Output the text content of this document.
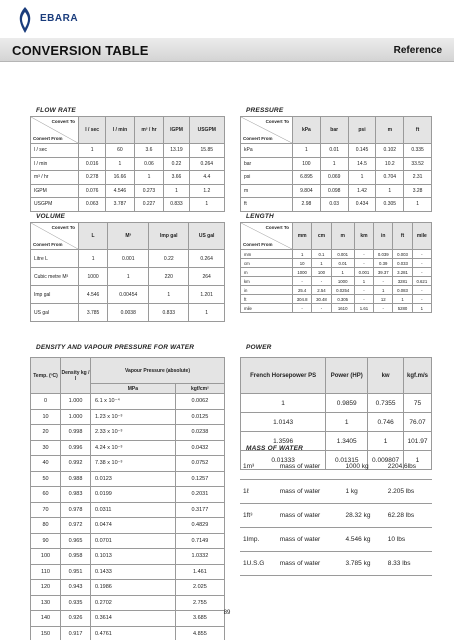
EBARA
CONVERSION TABLE	Reference
FLOW RATE
Convert To
Convert From	l / sec	l / min	m³ / hr	IGPM	USGPM
l / sec	1	60	3.6	13.19	15.85
l / min	0.016	1	0.06	0.22	0.264
m³ / hr	0.278	16.66	1	3.66	4.4
IGPM	0.076	4.546	0.273	1	1.2
USGPM	0.063	3.787	0.227	0.833	1
PRESSURE
Convert To
Convert From	kPa	bar	psi	m	ft
kPa	1	0.01	0.145	0.102	0.335
bar	100	1	14.5	10.2	33.52
psi	6.895	0.069	1	0.704	2.31
m	9.804	0.098	1.42	1	3.28
ft	2.98	0.03	0.434	0.305	1
VOLUME
Convert To
Convert From	L	M³	Imp gal	US gal
Litre L	1	0.001	0.22	0.264
Cubic metre M³	1000	1	220	264
Imp gal	4.546	0.00454	1	1.201
US gal	3.785	0.0038	0.833	1
LENGTH
Convert To
Convert From	mm	cm	m	km	in	ft	mile
mm	1	0.1	0.001	-	0.039	0.003	-
cm	10	1	0.01	-	0.39	0.033	-
m	1000	100	1	0.001	39.37	3.281	-
km	-	-	1000	1	-	3281	0.621
in	25.4	2.54	0.0254	-	1	0.083	-
ft	304.8	30.48	0.305	-	12	1	-
mile	-	-	1610	1.61	-	5280	1
DENSITY AND VAPOUR PRESSURE FOR WATER
Temp. (ºC)	Density kg / l	Vapour Pressure (absolute)	
		MPa	kgf/cm²
0	1.000	6.1 x 10⁻⁴	0.0062
10	1.000	1.23 x 10⁻³	0.0125
20	0.998	2.33 x 10⁻³	0.0238
30	0.996	4.24 x 10⁻³	0.0432
40	0.992	7.38 x 10⁻³	0.0752
50	0.988	0.0123	0.1257
60	0.983	0.0199	0.2031
70	0.978	0.0311	0.3177
80	0.972	0.0474	0.4829
90	0.965	0.0701	0.7149
100	0.958	0.1013	1.0332
110	0.951	0.1433	1.461
120	0.943	0.1986	2.025
130	0.935	0.2702	2.755
140	0.926	0.3614	3.685
150	0.917	0.4761	4.855
POWER
French Horsepower PS	Power (HP)	kw	kgf.m/s
1	0.9859	0.7355	75
1.0143	1	0.746	76.07
1.3596	1.3405	1	101.97
0.01333	0.01315	0.009807	1
MASS OF WATER
1m³	mass of water	1000 kg	2204.6lbs
1ℓ	mass of water	1 kg	2.205 lbs
1ft³	mass of water	28.32 kg	62.28 lbs
1Imp.	mass of water	4.546 kg	10 lbs
1U.S.G	mass of water	3.785 kg	8.33 lbs
89
